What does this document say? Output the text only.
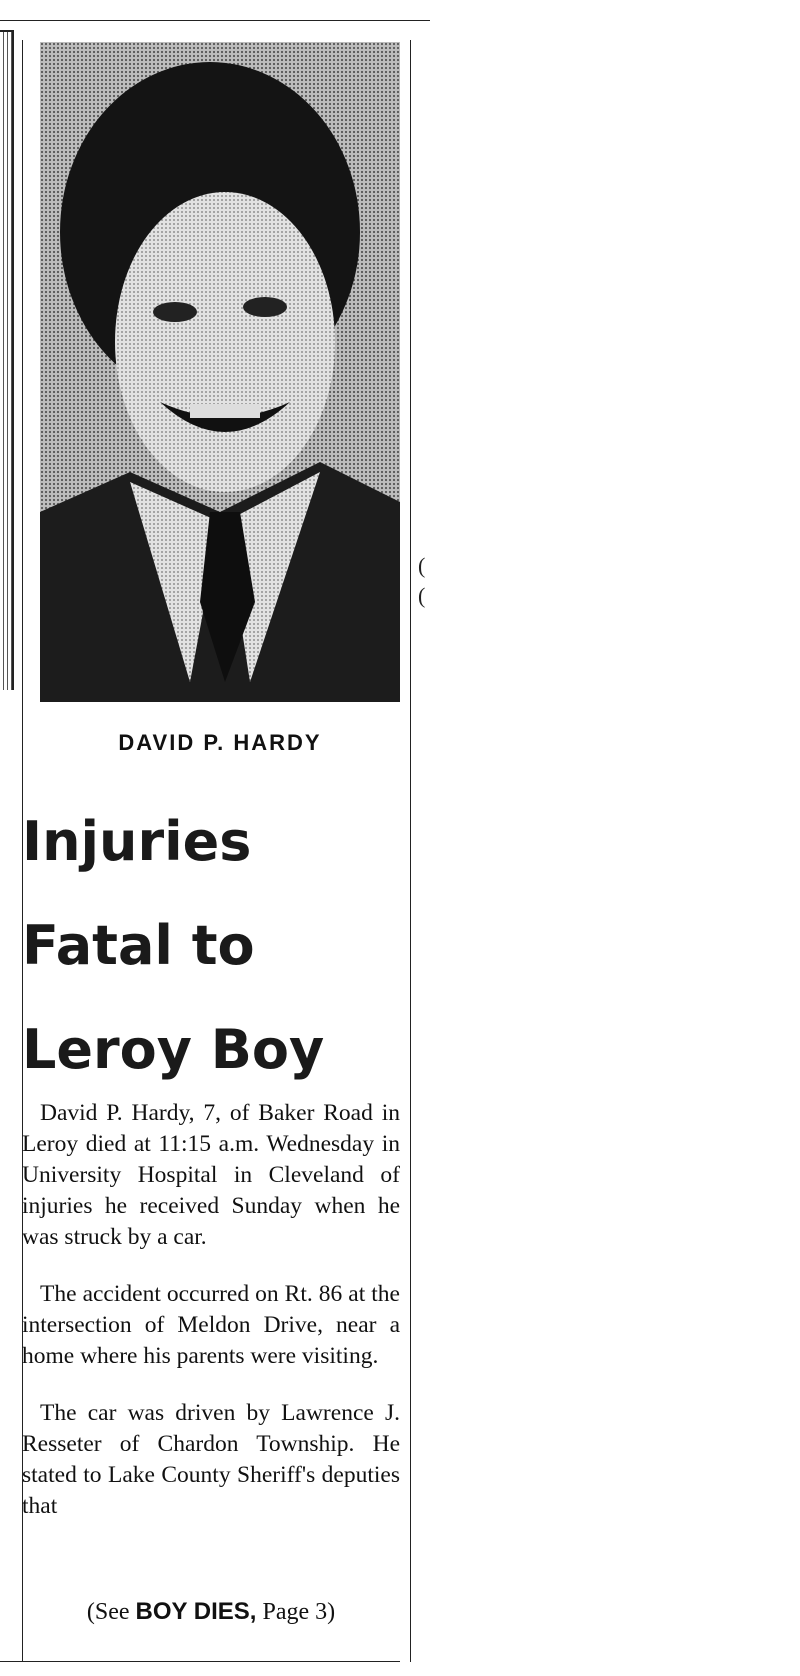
DAVID P. HARDY
Injuries
Fatal to
Leroy Boy

David P. Hardy, 7, of Baker Road in Leroy died at 11:15 a.m. Wednesday in University Hospital in Cleveland of injuries he received Sunday when he was struck by a car.

The accident occurred on Rt. 86 at the intersection of Meldon Drive, near a home where his parents were visiting.

The car was driven by Lawrence J. Resseter of Chardon Township. He stated to Lake County Sheriff's deputies that

(See BOY DIES, Page 3)
(
(
